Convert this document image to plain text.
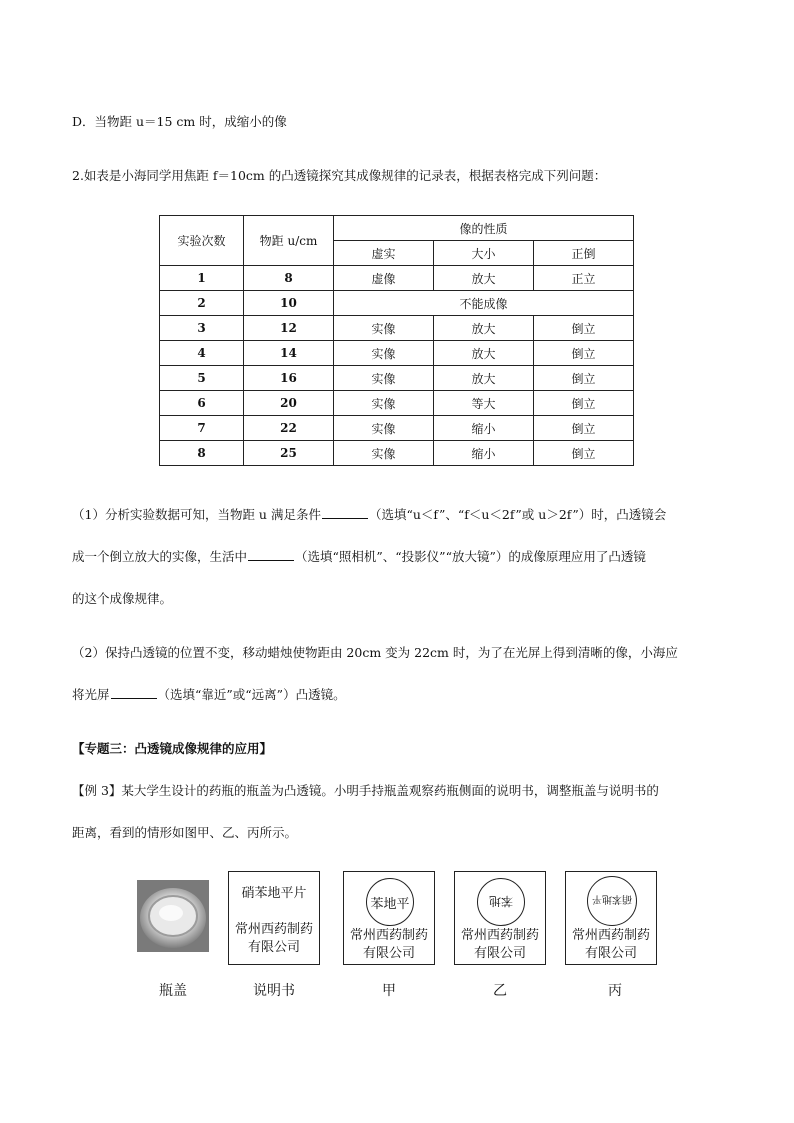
D．当物距 u＝15 cm 时，成缩小的像
2.如表是小海同学用焦距 f＝10cm 的凸透镜探究其成像规律的记录表，根据表格完成下列问题：
实验次数	物距 u/cm	像的性质		
		虚实	大小	正倒
1	8	虚像	放大	正立
2	10	不能成像		
3	12	实像	放大	倒立
4	14	实像	放大	倒立
5	16	实像	放大	倒立
6	20	实像	等大	倒立
7	22	实像	缩小	倒立
8	25	实像	缩小	倒立
（1）分析实验数据可知，当物距 u 满足条件	（选填“u＜f”、“f＜u＜2f”或 u＞2f”）时，凸透镜会
成一个倒立放大的实像，生活中	（选填“照相机”、“投影仪”“放大镜”）的成像原理应用了凸透镜
的这个成像规律。
（2）保持凸透镜的位置不变，移动蜡烛使物距由 20cm 变为 22cm 时，为了在光屏上得到清晰的像，小海应
将光屏	（选填“靠近”或“远离”）凸透镜。
【专题三：凸透镜成像规律的应用】
【例 3】某大学生设计的药瓶的瓶盖为凸透镜。小明手持瓶盖观察药瓶侧面的说明书，调整瓶盖与说明书的
距离，看到的情形如图甲、乙、丙所示。
硝苯地平片
常州西药制药
有限公司
苯地平
常州西药制药
有限公司
苯地
常州西药制药
有限公司
硝苯地平
常州西药制药
有限公司
瓶盖	说明书	甲	乙	丙
